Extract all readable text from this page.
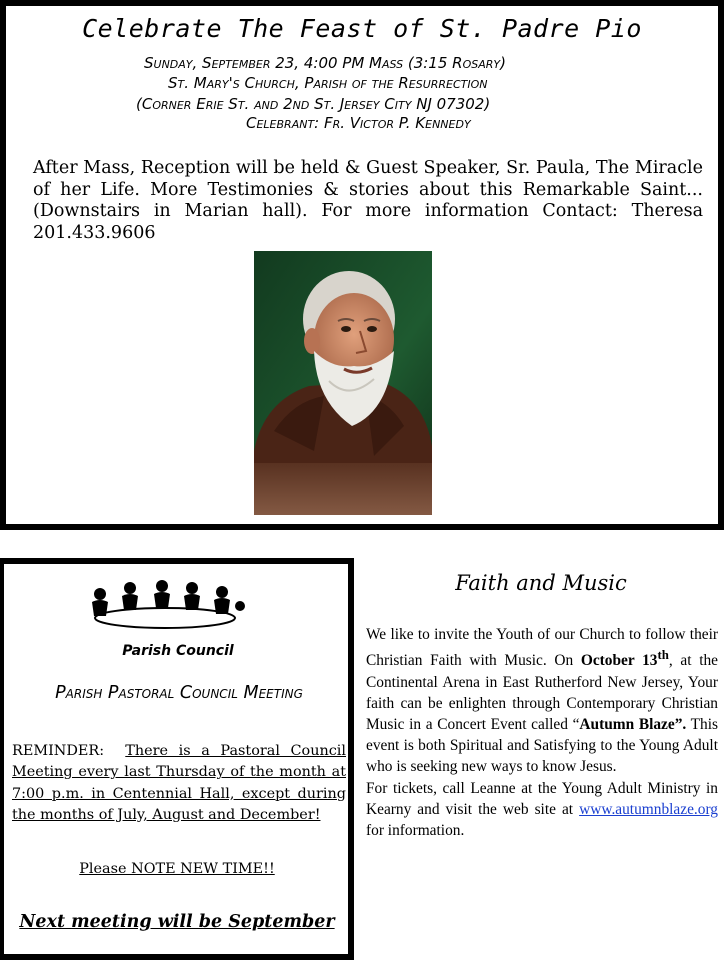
Celebrate The Feast of St. Padre Pio
Sunday, September 23, 4:00 PM Mass (3:15 Rosary)
St. Mary's Church, Parish of the Resurrection
(Corner Erie St. and 2nd St. Jersey City NJ 07302)
Celebrant: Fr. Victor P. Kennedy
After Mass, Reception will be held & Guest Speaker, Sr. Paula, The Miracle of her Life. More Testimonies & stories about this Remarkable Saint... (Downstairs in Marian hall). For more information Contact: Theresa 201.433.9606
Parish Council
Parish Pastoral Council Meeting
REMINDER: There is a Pastoral Council Meeting every last Thursday of the month at 7:00 p.m. in Centennial Hall, except during the months of July, August and December!
Please NOTE NEW TIME!!
Next meeting will be September
Faith and Music
We like to invite the Youth of our Church to follow their Christian Faith with Music. On October 13th, at the Continental Arena in East Rutherford New Jersey, Your faith can be enlighten through Contemporary Christian Music in a Concert Event called “Autumn Blaze”. This event is both Spiritual and Satisfying to the Young Adult who is seeking new ways to know Jesus.
For tickets, call Leanne at the Young Adult Ministry in Kearny and visit the web site at www.autumnblaze.org for information.
